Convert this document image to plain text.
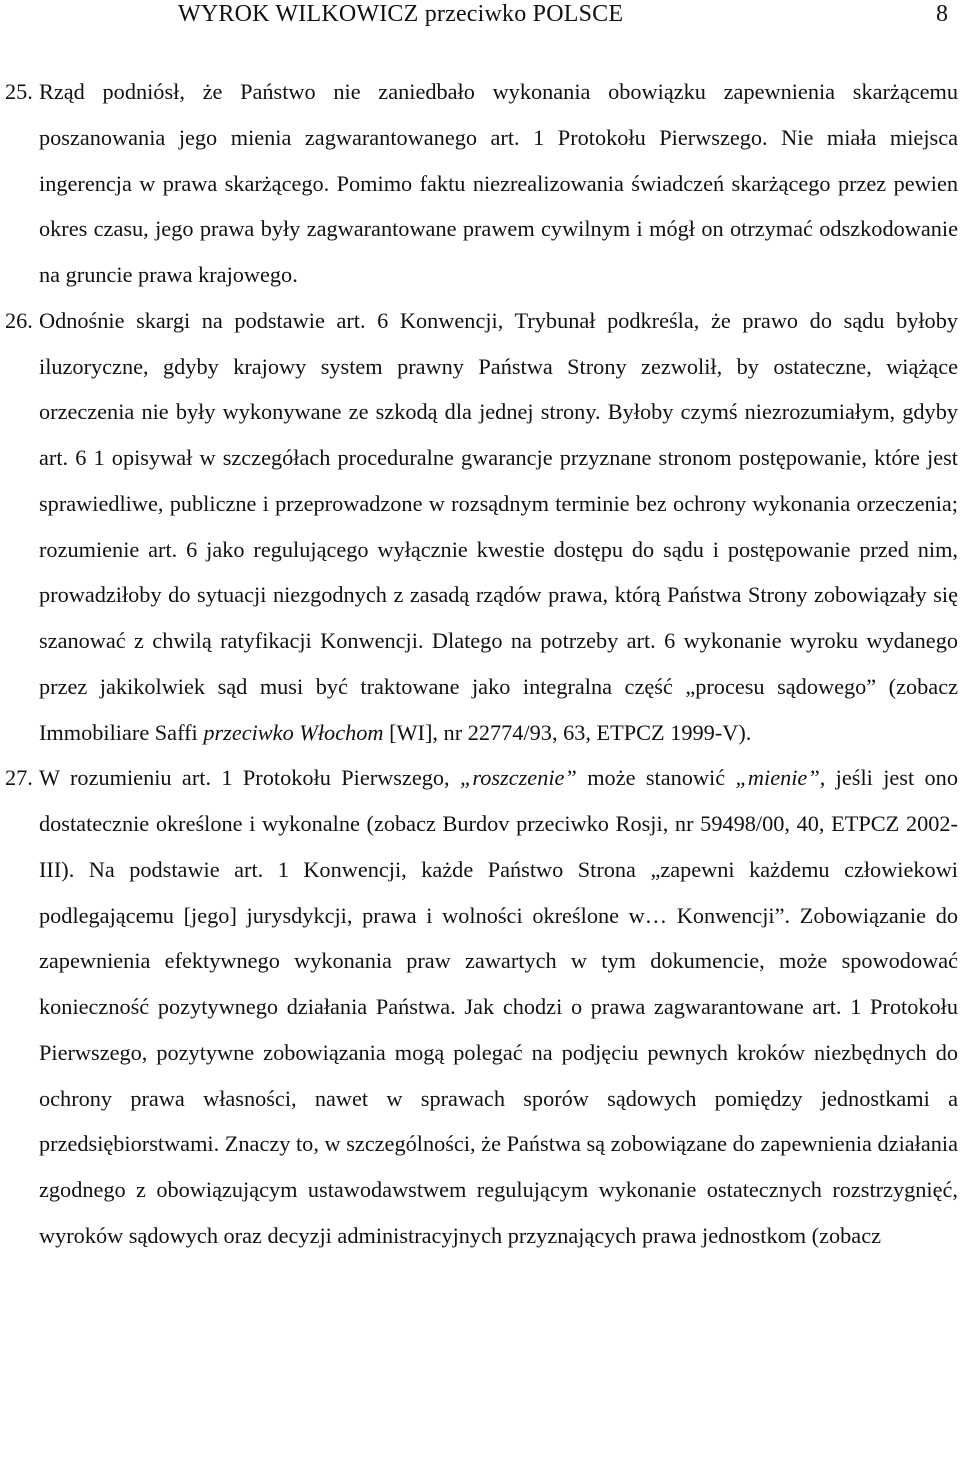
WYROK WILKOWICZ przeciwko POLSCE	8
25. Rząd podniósł, że Państwo nie zaniedbało wykonania obowiązku zapewnienia skarżącemu poszanowania jego mienia zagwarantowanego art. 1 Protokołu Pierwszego. Nie miała miejsca ingerencja w prawa skarżącego. Pomimo faktu niezrealizowania świadczeń skarżącego przez pewien okres czasu, jego prawa były zagwarantowane prawem cywilnym i mógł on otrzymać odszkodowanie na gruncie prawa krajowego.

26. Odnośnie skargi na podstawie art. 6 Konwencji, Trybunał podkreśla, że prawo do sądu byłoby iluzoryczne, gdyby krajowy system prawny Państwa Strony zezwolił, by ostateczne, wiążące orzeczenia nie były wykonywane ze szkodą dla jednej strony. Byłoby czymś niezrozumiałym, gdyby art. 6 1 opisywał w szczegółach proceduralne gwarancje przyznane stronom postępowanie, które jest sprawiedliwe, publiczne i przeprowadzone w rozsądnym terminie bez ochrony wykonania orzeczenia; rozumienie art. 6 jako regulującego wyłącznie kwestie dostępu do sądu i postępowanie przed nim, prowadziłoby do sytuacji niezgodnych z zasadą rządów prawa, którą Państwa Strony zobowiązały się szanować z chwilą ratyfikacji Konwencji. Dlatego na potrzeby art. 6 wykonanie wyroku wydanego przez jakikolwiek sąd musi być traktowane jako integralna część „procesu sądowego” (zobacz Immobiliare Saffi przeciwko Włochom [WI], nr 22774/93, 63, ETPCZ 1999-V).

27. W rozumieniu art. 1 Protokołu Pierwszego, „roszczenie” może stanowić „mienie”, jeśli jest ono dostatecznie określone i wykonalne (zobacz Burdov przeciwko Rosji, nr 59498/00, 40, ETPCZ 2002-III). Na podstawie art. 1 Konwencji, każde Państwo Strona „zapewni każdemu człowiekowi podlegającemu [jego] jurysdykcji, prawa i wolności określone w… Konwencji”. Zobowiązanie do zapewnienia efektywnego wykonania praw zawartych w tym dokumencie, może spowodować konieczność pozytywnego działania Państwa. Jak chodzi o prawa zagwarantowane art. 1 Protokołu Pierwszego, pozytywne zobowiązania mogą polegać na podjęciu pewnych kroków niezbędnych do ochrony prawa własności, nawet w sprawach sporów sądowych pomiędzy jednostkami a przedsiębiorstwami. Znaczy to, w szczególności, że Państwa są zobowiązane do zapewnienia działania zgodnego z obowiązującym ustawodawstwem regulującym wykonanie ostatecznych rozstrzygnięć, wyroków sądowych oraz decyzji administracyjnych przyznających prawa jednostkom (zobacz
